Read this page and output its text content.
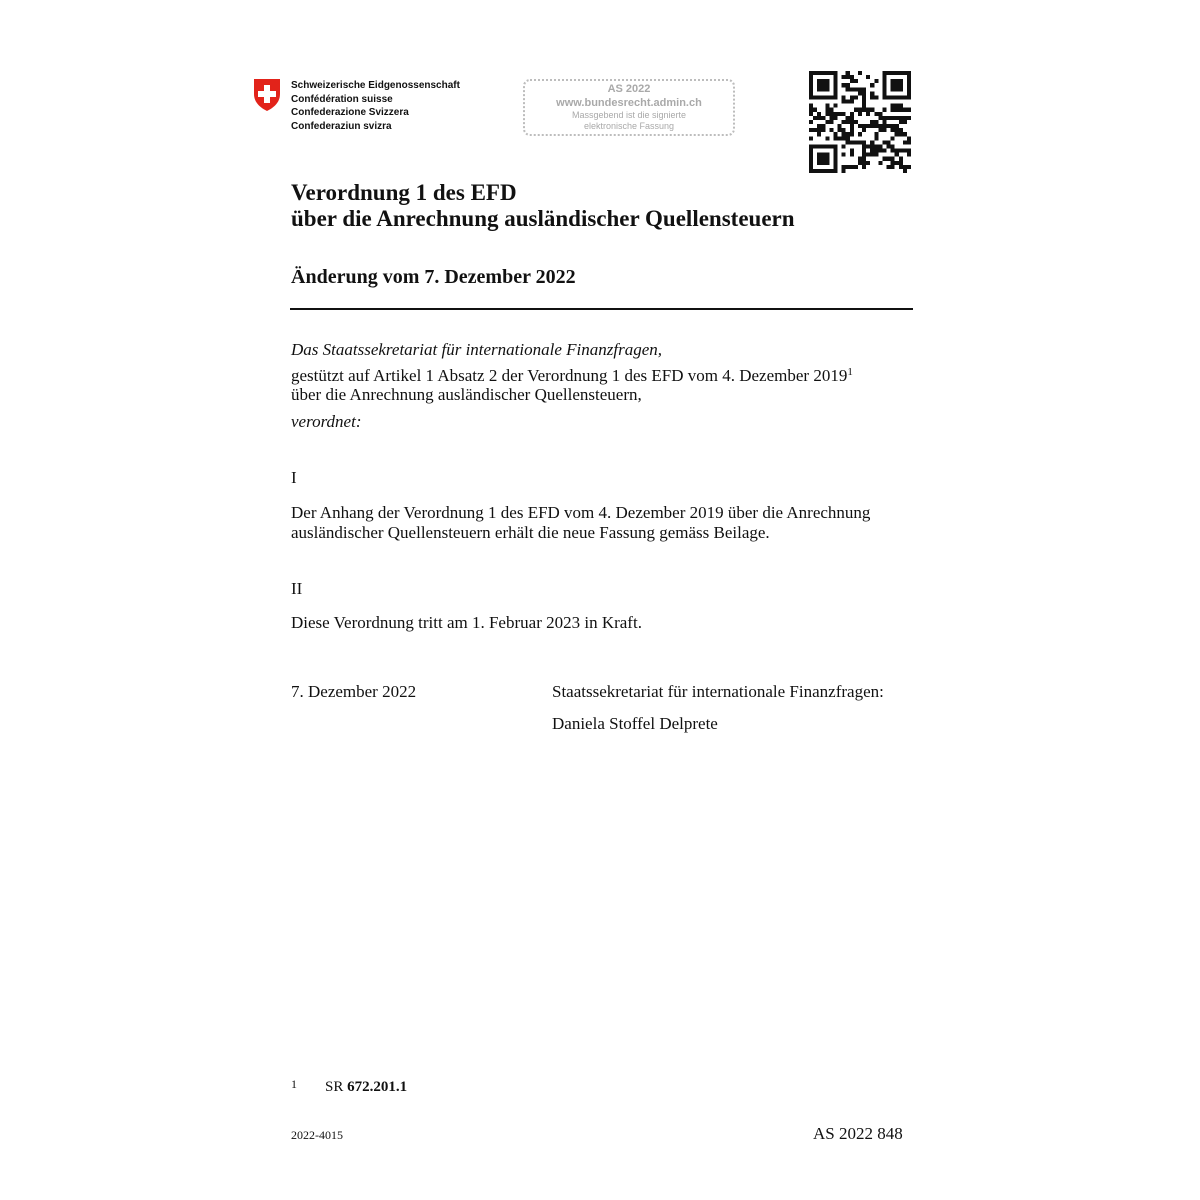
Schweizerische Eidgenossenschaft
Confédération suisse
Confederazione Svizzera
Confederaziun svizra
AS 2022
www.bundesrecht.admin.ch
Massgebend ist die signierte
elektronische Fassung
Verordnung 1 des EFD
über die Anrechnung ausländischer Quellensteuern
Änderung vom 7. Dezember 2022
Das Staatssekretariat für internationale Finanzfragen,
gestützt auf Artikel 1 Absatz 2 der Verordnung 1 des EFD vom 4. Dezember 2019$^1$
über die Anrechnung ausländischer Quellensteuern,
verordnet:
I
Der Anhang der Verordnung 1 des EFD vom 4. Dezember 2019 über die Anrechnung
ausländischer Quellensteuern erhält die neue Fassung gemäss Beilage.
II
Diese Verordnung tritt am 1. Februar 2023 in Kraft.
7. Dezember 2022	Staatssekretariat für internationale Finanzfragen:
Daniela Stoffel Delprete
1 SR 672.201.1
2022-4015	AS 2022 848
